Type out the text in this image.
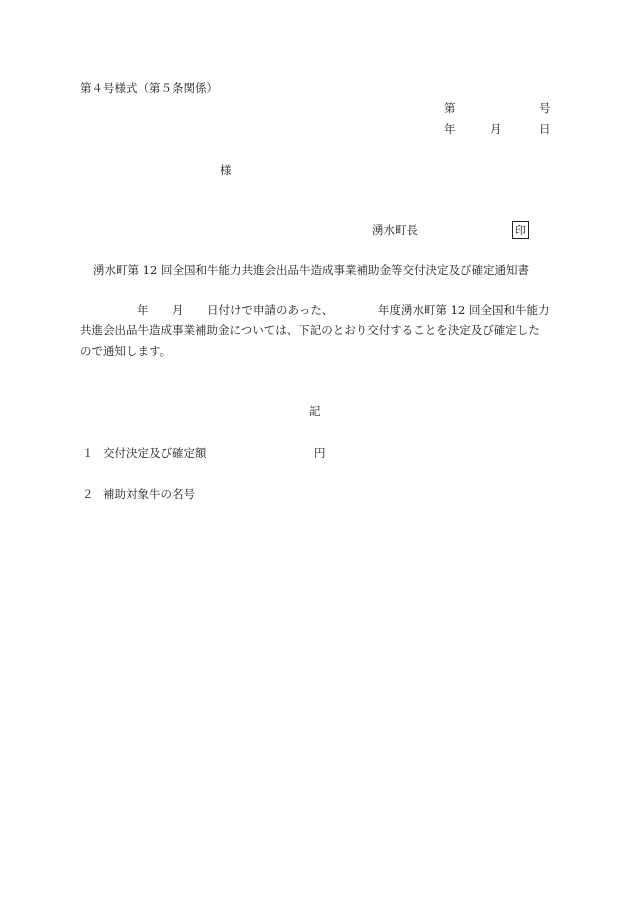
第４号様式（第５条関係）
第	号
年	月	日
様
湧水町長	印
湧水町第 12 回全国和牛能力共進会出品牛造成事業補助金等交付決定及び確定通知書
年 月 日付けで申請のあった、	年度湧水町第 12 回全国和牛能力
共進会出品牛造成事業補助金については、下記のとおり交付することを決定及び確定した
ので通知します。
記
１ 交付決定及び確定額	円
２ 補助対象牛の名号
